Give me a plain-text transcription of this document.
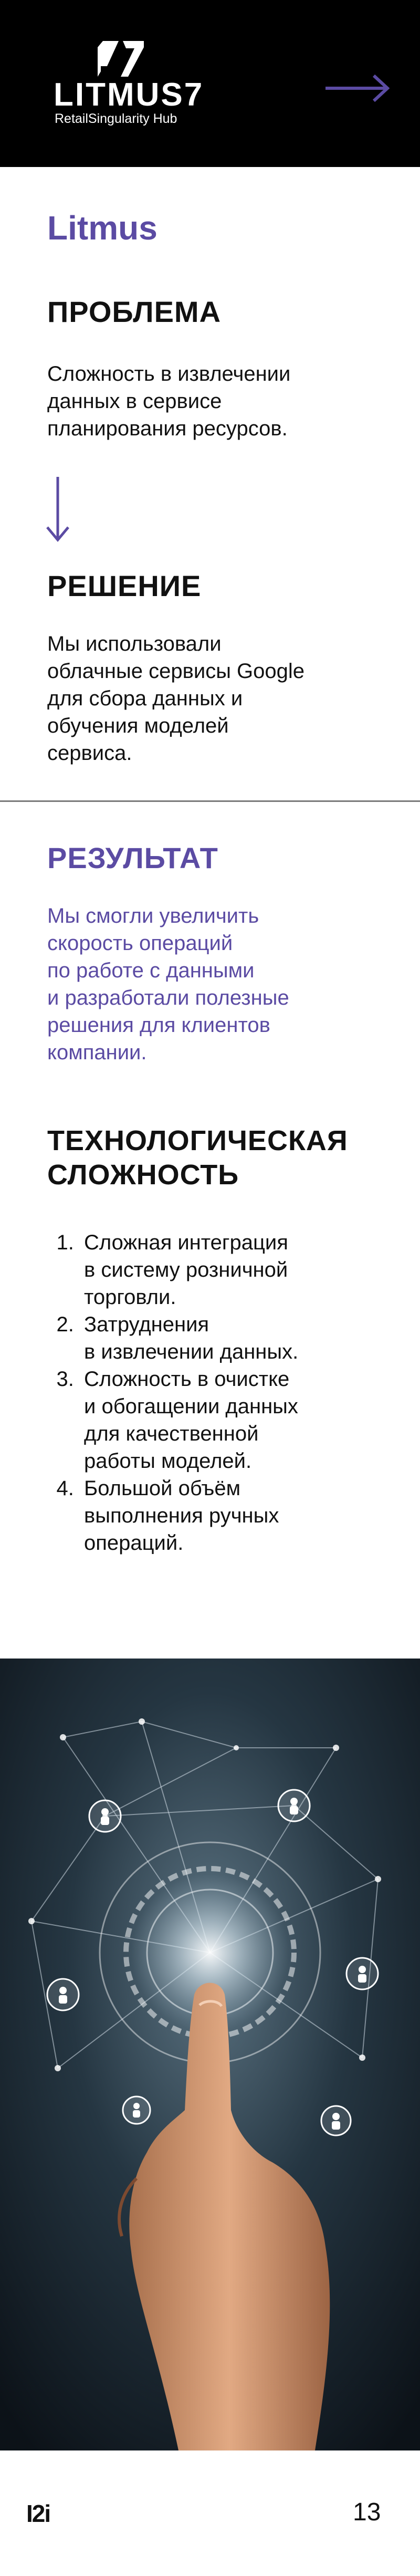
LITMUS7
RetailSingularity Hub
Litmus
ПРОБЛЕМА
Сложность в извлечении
данных в сервисе
планирования ресурсов.
РЕШЕНИЕ
Мы использовали
облачные сервисы Google
для сбора данных и
обучения моделей
сервиса.
РЕЗУЛЬТАТ
Мы смогли увеличить
скорость операций
по работе с данными
и разработали полезные
решения для клиентов
компании.
ТЕХНОЛОГИЧЕСКАЯ
СЛОЖНОСТЬ
1. Сложная интеграция
в систему розничной
торговли.
2. Затруднения
в извлечении данных.
3. Сложность в очистке
и обогащении данных
для качественной
работы моделей.
4. Большой объём
выполнения ручных
операций.
I2i	13
